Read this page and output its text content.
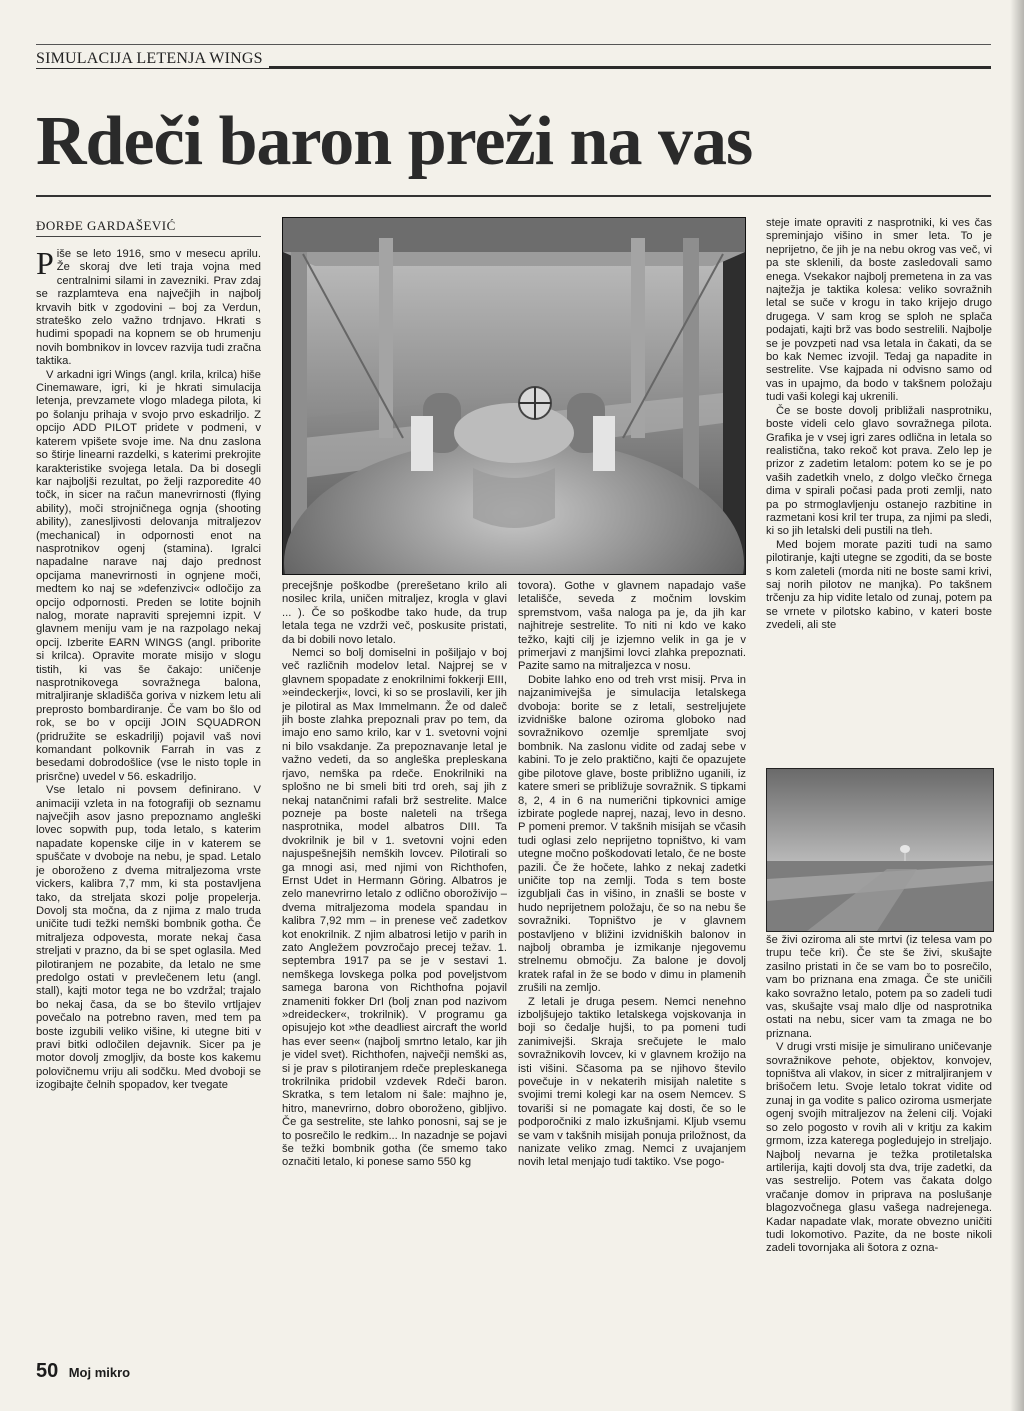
SIMULACIJA LETENJA WINGS
Rdeči baron preži na vas
ĐORĐE GARDAŠEVIĆ

Piše se leto 1916, smo v mesecu aprilu. Že skoraj dve leti traja vojna med centralnimi silami in zavezniki. Prav zdaj se razplamteva ena največjih in najbolj krvavih bitk v zgodovini – boj za Verdun, strateško zelo važno trdnjavo. Hkrati s hudimi spopadi na kopnem se ob hrumenju novih bombnikov in lovcev razvija tudi zračna taktika.

V arkadni igri Wings (angl. krila, krilca) hiše Cinemaware, igri, ki je hkrati simulacija letenja, prevzamete vlogo mladega pilota, ki po šolanju prihaja v svojo prvo eskadriljo. Z opcijo ADD PILOT pridete v podmeni, v katerem vpišete svoje ime. Na dnu zaslona so štirje linearni razdelki, s katerimi prekrojite karakteristike svojega letala. Da bi dosegli kar najboljši rezultat, po želji razporedite 40 točk, in sicer na račun manevrirnosti (flying ability), moči strojničnega ognja (shooting ability), zanesljivosti delovanja mitraljezov (mechanical) in odpornosti enot na nasprotnikov ogenj (stamina). Igralci napadalne narave naj dajo prednost opcijama manevrirnosti in ognjene moči, medtem ko naj se »defenzivci« odločijo za opcijo odpornosti. Preden se lotite bojnih nalog, morate napraviti sprejemni izpit. V glavnem meniju vam je na razpolago nekaj opcij. Izberite EARN WINGS (angl. priborite si krilca). Opravite morate misijo v slogu tistih, ki vas še čakajo: uničenje nasprotnikovega sovražnega balona, mitraljiranje skladišča goriva v nizkem letu ali preprosto bombardiranje. Če vam bo šlo od rok, se bo v opciji JOIN SQUADRON (pridružite se eskadrilji) pojavil vaš novi komandant polkovnik Farrah in vas z besedami dobrodošlice (vse le nisto tople in prisrčne) uvedel v 56. eskadriljo.

Vse letalo ni povsem definirano. V animaciji vzleta in na fotografiji ob seznamu največjih asov jasno prepoznamo angleški lovec sopwith pup, toda letalo, s katerim napadate kopenske cilje in v katerem se spuščate v dvoboje na nebu, je spad. Letalo je oboroženo z dvema mitraljezoma vrste vickers, kalibra 7,7 mm, ki sta postavljena tako, da streljata skozi polje propelerja. Dovolj sta močna, da z njima z malo truda uničite tudi težki nemški bombnik gotha. Če mitraljeza odpovesta, morate nekaj časa streljati v prazno, da bi se spet oglasila. Med pilotiranjem ne pozabite, da letalo ne sme predolgo ostati v prevlečenem letu (angl. stall), kajti motor tega ne bo vzdržal; trajalo bo nekaj časa, da se bo število vrtljajev povečalo na potrebno raven, med tem pa boste izgubili veliko višine, ki utegne biti v pravi bitki odločilen dejavnik. Sicer pa je motor dovolj zmogljiv, da boste kos kakemu polovičnemu vriju ali sodčku. Med dvoboji se izogibajte čelnih spopadov, ker tvegate

precejšnje poškodbe (prerešetano krilo ali nosilec krila, uničen mitraljez, krogla v glavi ... ). Če so poškodbe tako hude, da trup letala tega ne vzdrži več, poskusite pristati, da bi dobili novo letalo.

Nemci so bolj domiselni in pošiljajo v boj več različnih modelov letal. Najprej se v glavnem spopadate z enokrilnimi fokkerji EIII, »eindeckerji«, lovci, ki so se proslavili, ker jih je pilotiral as Max Immelmann. Že od daleč jih boste zlahka prepoznali prav po tem, da imajo eno samo krilo, kar v 1. svetovni vojni ni bilo vsakdanje. Za prepoznavanje letal je važno vedeti, da so angleška prepleskana rjavo, nemška pa rdeče. Enokrilniki na splošno ne bi smeli biti trd oreh, saj jih z nekaj natančnimi rafali brž sestrelite. Malce pozneje pa boste naleteli na tršega nasprotnika, model albatros DIII. Ta dvokrilnik je bil v 1. svetovni vojni eden najuspešnejših nemških lovcev. Pilotirali so ga mnogi asi, med njimi von Richthofen, Ernst Udet in Hermann Göring. Albatros je zelo manevrirno letalo z odlično oboroživijo – dvema mitraljezoma modela spandau in kalibra 7,92 mm – in prenese več zadetkov kot enokrilnik. Z njim albatrosi letijo v parih in zato Angležem povzročajo precej težav. 1. septembra 1917 pa se je v sestavi 1. nemškega lovskega polka pod poveljstvom samega barona von Richthofna pojavil znameniti fokker DrI (bolj znan pod nazivom »dreidecker«, trokrilnik). V programu ga opisujejo kot »the deadliest aircraft the world has ever seen« (najbolj smrtno letalo, kar jih je videl svet). Richthofen, največji nemški as, si je prav s pilotiranjem rdeče prepleskanega trokrilnika pridobil vzdevek Rdeči baron. Skratka, s tem letalom ni šale: majhno je, hitro, manevrirno, dobro oboroženo, gibljivo. Če ga sestrelite, ste lahko ponosni, saj se je to posrečilo le redkim... In nazadnje se pojavi še težki bombnik gotha (če smemo tako označiti letalo, ki ponese samo 550 kg

tovora). Gothe v glavnem napadajo vaše letališče, seveda z močnim lovskim spremstvom, vaša naloga pa je, da jih kar najhitreje sestrelite. To niti ni kdo ve kako težko, kajti cilj je izjemno velik in ga je v primerjavi z manjšimi lovci zlahka prepoznati. Pazite samo na mitraljezca v nosu.

Dobite lahko eno od treh vrst misij. Prva in najzanimivejša je simulacija letalskega dvoboja: borite se z letali, sestreljujete izvidniške balone oziroma globoko nad sovražnikovo ozemlje spremljate svoj bombnik. Na zaslonu vidite od zadaj sebe v kabini. To je zelo praktično, kajti če opazujete gibe pilotove glave, boste približno uganili, iz katere smeri se približuje sovražnik. S tipkami 8, 2, 4 in 6 na numerični tipkovnici amige izbirate poglede naprej, nazaj, levo in desno. P pomeni premor. V takšnih misijah se včasih tudi oglasi zelo neprijetno topništvo, ki vam utegne močno poškodovati letalo, če ne boste pazili. Če že hočete, lahko z nekaj zadetki uničite top na zemlji. Toda s tem boste izgubljali čas in višino, in znašli se boste v hudo neprijetnem položaju, če so na nebu še sovražniki. Topništvo je v glavnem postavljeno v bližini izvidniških balonov in najbolj obramba je izmikanje njegovemu strelnemu območju. Za balone je dovolj kratek rafal in že se bodo v dimu in plamenih zrušili na zemljo.

Z letali je druga pesem. Nemci nenehno izboljšujejo taktiko letalskega vojskovanja in boji so čedalje hujši, to pa pomeni tudi zanimivejši. Skraja srečujete le malo sovražnikovih lovcev, ki v glavnem krožijo na isti višini. Sčasoma pa se njihovo število povečuje in v nekaterih misijah naletite s svojimi tremi kolegi kar na osem Nemcev. S tovariši si ne pomagate kaj dosti, če so le podporočniki z malo izkušnjami. Kljub vsemu se vam v takšnih misijah ponuja priložnost, da nanizate veliko zmag. Nemci z uvajanjem novih letal menjajo tudi taktiko. Vse pogo-

steje imate opraviti z nasprotniki, ki ves čas spreminjajo višino in smer leta. To je neprijetno, če jih je na nebu okrog vas več, vi pa ste sklenili, da boste zasledovali samo enega. Vsekakor najbolj premetena in za vas najtežja je taktika kolesa: veliko sovražnih letal se suče v krogu in tako krijejo drugo drugega. V sam krog se sploh ne splača podajati, kajti brž vas bodo sestrelili. Najbolje se je povzpeti nad vsa letala in čakati, da se bo kak Nemec izvojil. Tedaj ga napadite in sestrelite. Vse kajpada ni odvisno samo od vas in upajmo, da bodo v takšnem položaju tudi vaši kolegi kaj ukrenili.

Če se boste dovolj približali nasprotniku, boste videli celo glavo sovražnega pilota. Grafika je v vsej igri zares odlična in letala so realistična, tako rekoč kot prava. Zelo lep je prizor z zadetim letalom: potem ko se je po vaših zadetkih vnelo, z dolgo vlečko črnega dima v spirali počasi pada proti zemlji, nato pa po strmoglavljenju ostanejo razbitine in razmetani kosi kril ter trupa, za njimi pa sledi, ki so jih letalski deli pustili na tleh.

Med bojem morate paziti tudi na samo pilotiranje, kajti utegne se zgoditi, da se boste s kom zaleteli (morda niti ne boste sami krivi, saj norih pilotov ne manjka). Po takšnem trčenju za hip vidite letalo od zunaj, potem pa se vrnete v pilotsko kabino, v kateri boste zvedeli, ali ste

še živi oziroma ali ste mrtvi (iz telesa vam po trupu teče kri). Če ste še živi, skušajte zasilno pristati in če se vam bo to posrečilo, vam bo priznana ena zmaga. Če ste uničili kako sovražno letalo, potem pa so zadeli tudi vas, skušajte vsaj malo dlje od nasprotnika ostati na nebu, sicer vam ta zmaga ne bo priznana.

V drugi vrsti misije je simulirano uničevanje sovražnikove pehote, objektov, konvojev, topništva ali vlakov, in sicer z mitraljiranjem v brišočem letu. Svoje letalo tokrat vidite od zunaj in ga vodite s palico oziroma usmerjate ogenj svojih mitraljezov na želeni cilj. Vojaki so zelo pogosto v rovih ali v kritju za kakim grmom, izza katerega pogledujejo in streljajo. Najbolj nevarna je težka protiletalska artilerija, kajti dovolj sta dva, trije zadetki, da vas sestrelijo. Potem vas čakata dolgo vračanje domov in priprava na poslušanje blagozvočnega glasu vašega nadrejenega. Kadar napadate vlak, morate obvezno uničiti tudi lokomotivo. Pazite, da ne boste nikoli zadeli tovornjaka ali šotora z ozna-

50 Moj mikro
